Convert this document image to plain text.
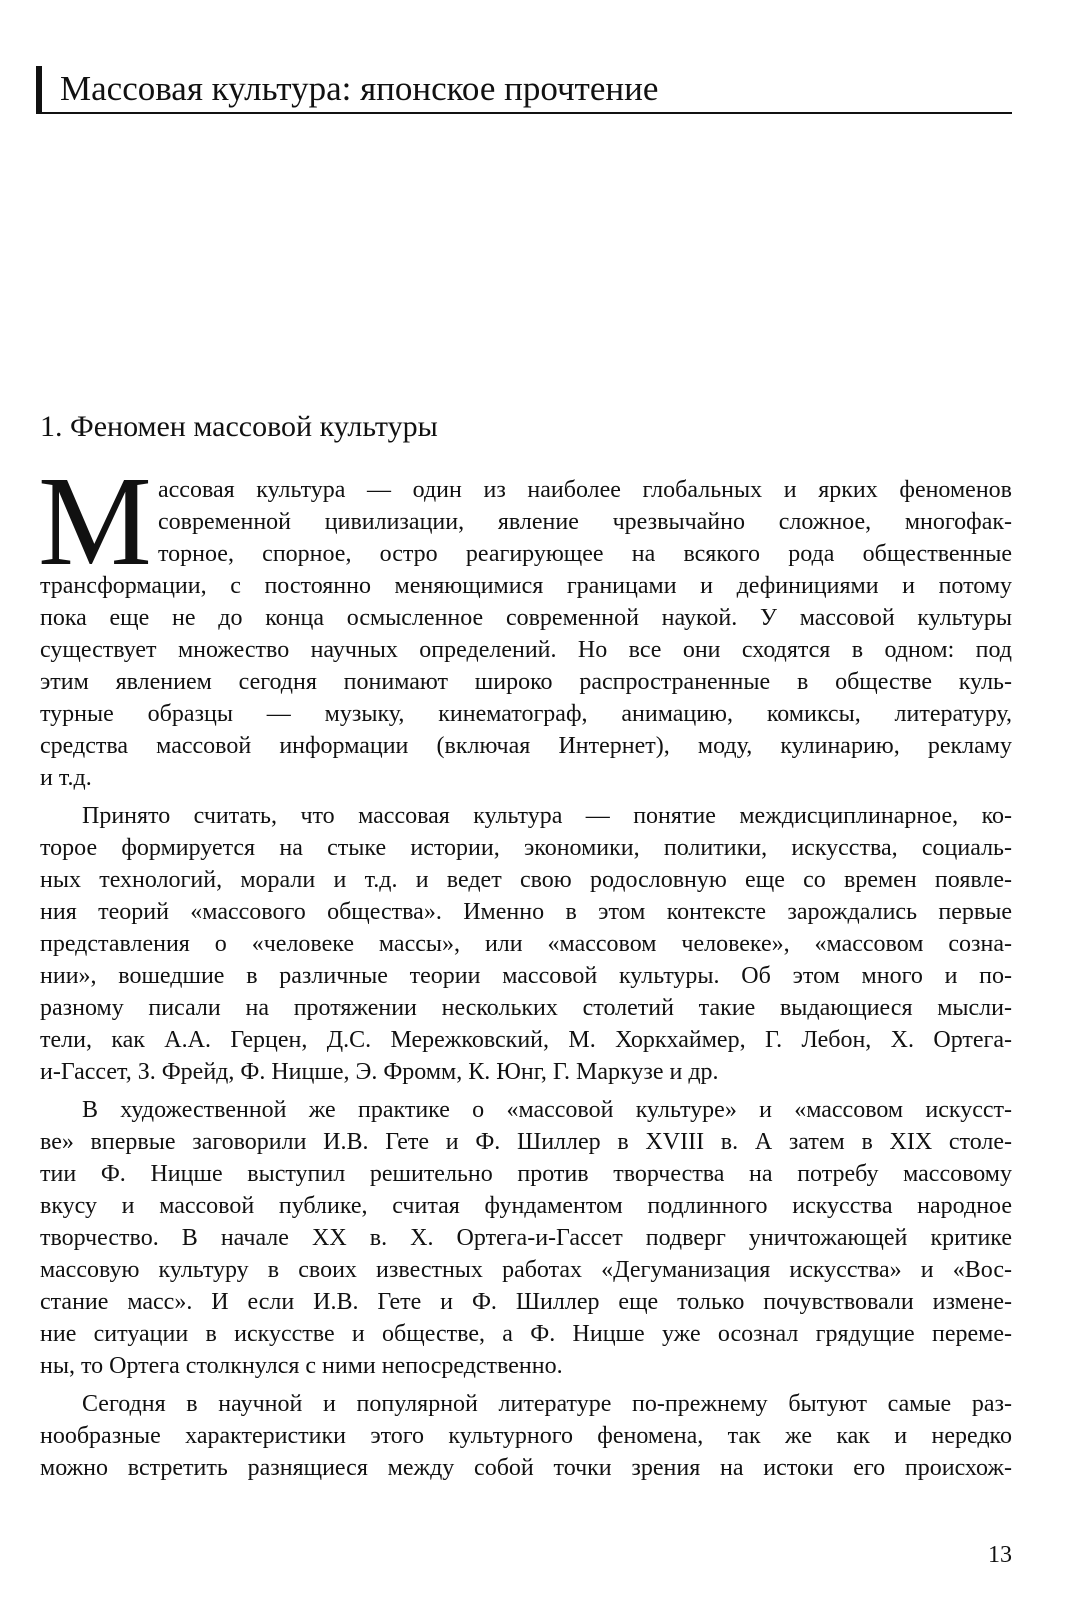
Массовая культура: японское прочтение
1. Феномен массовой культуры
М ассовая культура — один из наиболее глобальных и ярких феноменов
современной цивилизации, явление чрезвычайно сложное, многофак-
торное, спорное, остро реагирующее на всякого рода общественные
трансформации, с постоянно меняющимися границами и дефинициями и потому
пока еще не до конца осмысленное современной наукой. У массовой культуры
существует множество научных определений. Но все они сходятся в одном: под
этим явлением сегодня понимают широко распространенные в обществе куль-
турные образцы — музыку, кинематограф, анимацию, комиксы, литературу,
средства массовой информации (включая Интернет), моду, кулинарию, рекламу
и т.д.
Принято считать, что массовая культура — понятие междисциплинарное, ко-
торое формируется на стыке истории, экономики, политики, искусства, социаль-
ных технологий, морали и т.д. и ведет свою родословную еще со времен появле-
ния теорий «массового общества». Именно в этом контексте зарождались первые
представления о «человеке массы», или «массовом человеке», «массовом созна-
нии», вошедшие в различные теории массовой культуры. Об этом много и по-
разному писали на протяжении нескольких столетий такие выдающиеся мысли-
тели, как А.А. Герцен, Д.С. Мережковский, М. Хоркхаймер, Г. Лебон, Х. Ортега-
и-Гассет, З. Фрейд, Ф. Ницше, Э. Фромм, К. Юнг, Г. Маркузе и др.
В художественной же практике о «массовой культуре» и «массовом искусст-
ве» впервые заговорили И.В. Гете и Ф. Шиллер в XVIII в. А затем в XIX столе-
тии Ф. Ницше выступил решительно против творчества на потребу массовому
вкусу и массовой публике, считая фундаментом подлинного искусства народное
творчество. В начале XX в. Х. Ортега-и-Гассет подверг уничтожающей критике
массовую культуру в своих известных работах «Дегуманизация искусства» и «Вос-
стание масс». И если И.В. Гете и Ф. Шиллер еще только почувствовали измене-
ние ситуации в искусстве и обществе, а Ф. Ницше уже осознал грядущие переме-
ны, то Ортега столкнулся с ними непосредственно.
Сегодня в научной и популярной литературе по-прежнему бытуют самые раз-
нообразные характеристики этого культурного феномена, так же как и нередко
можно встретить разнящиеся между собой точки зрения на истоки его происхож-
13
